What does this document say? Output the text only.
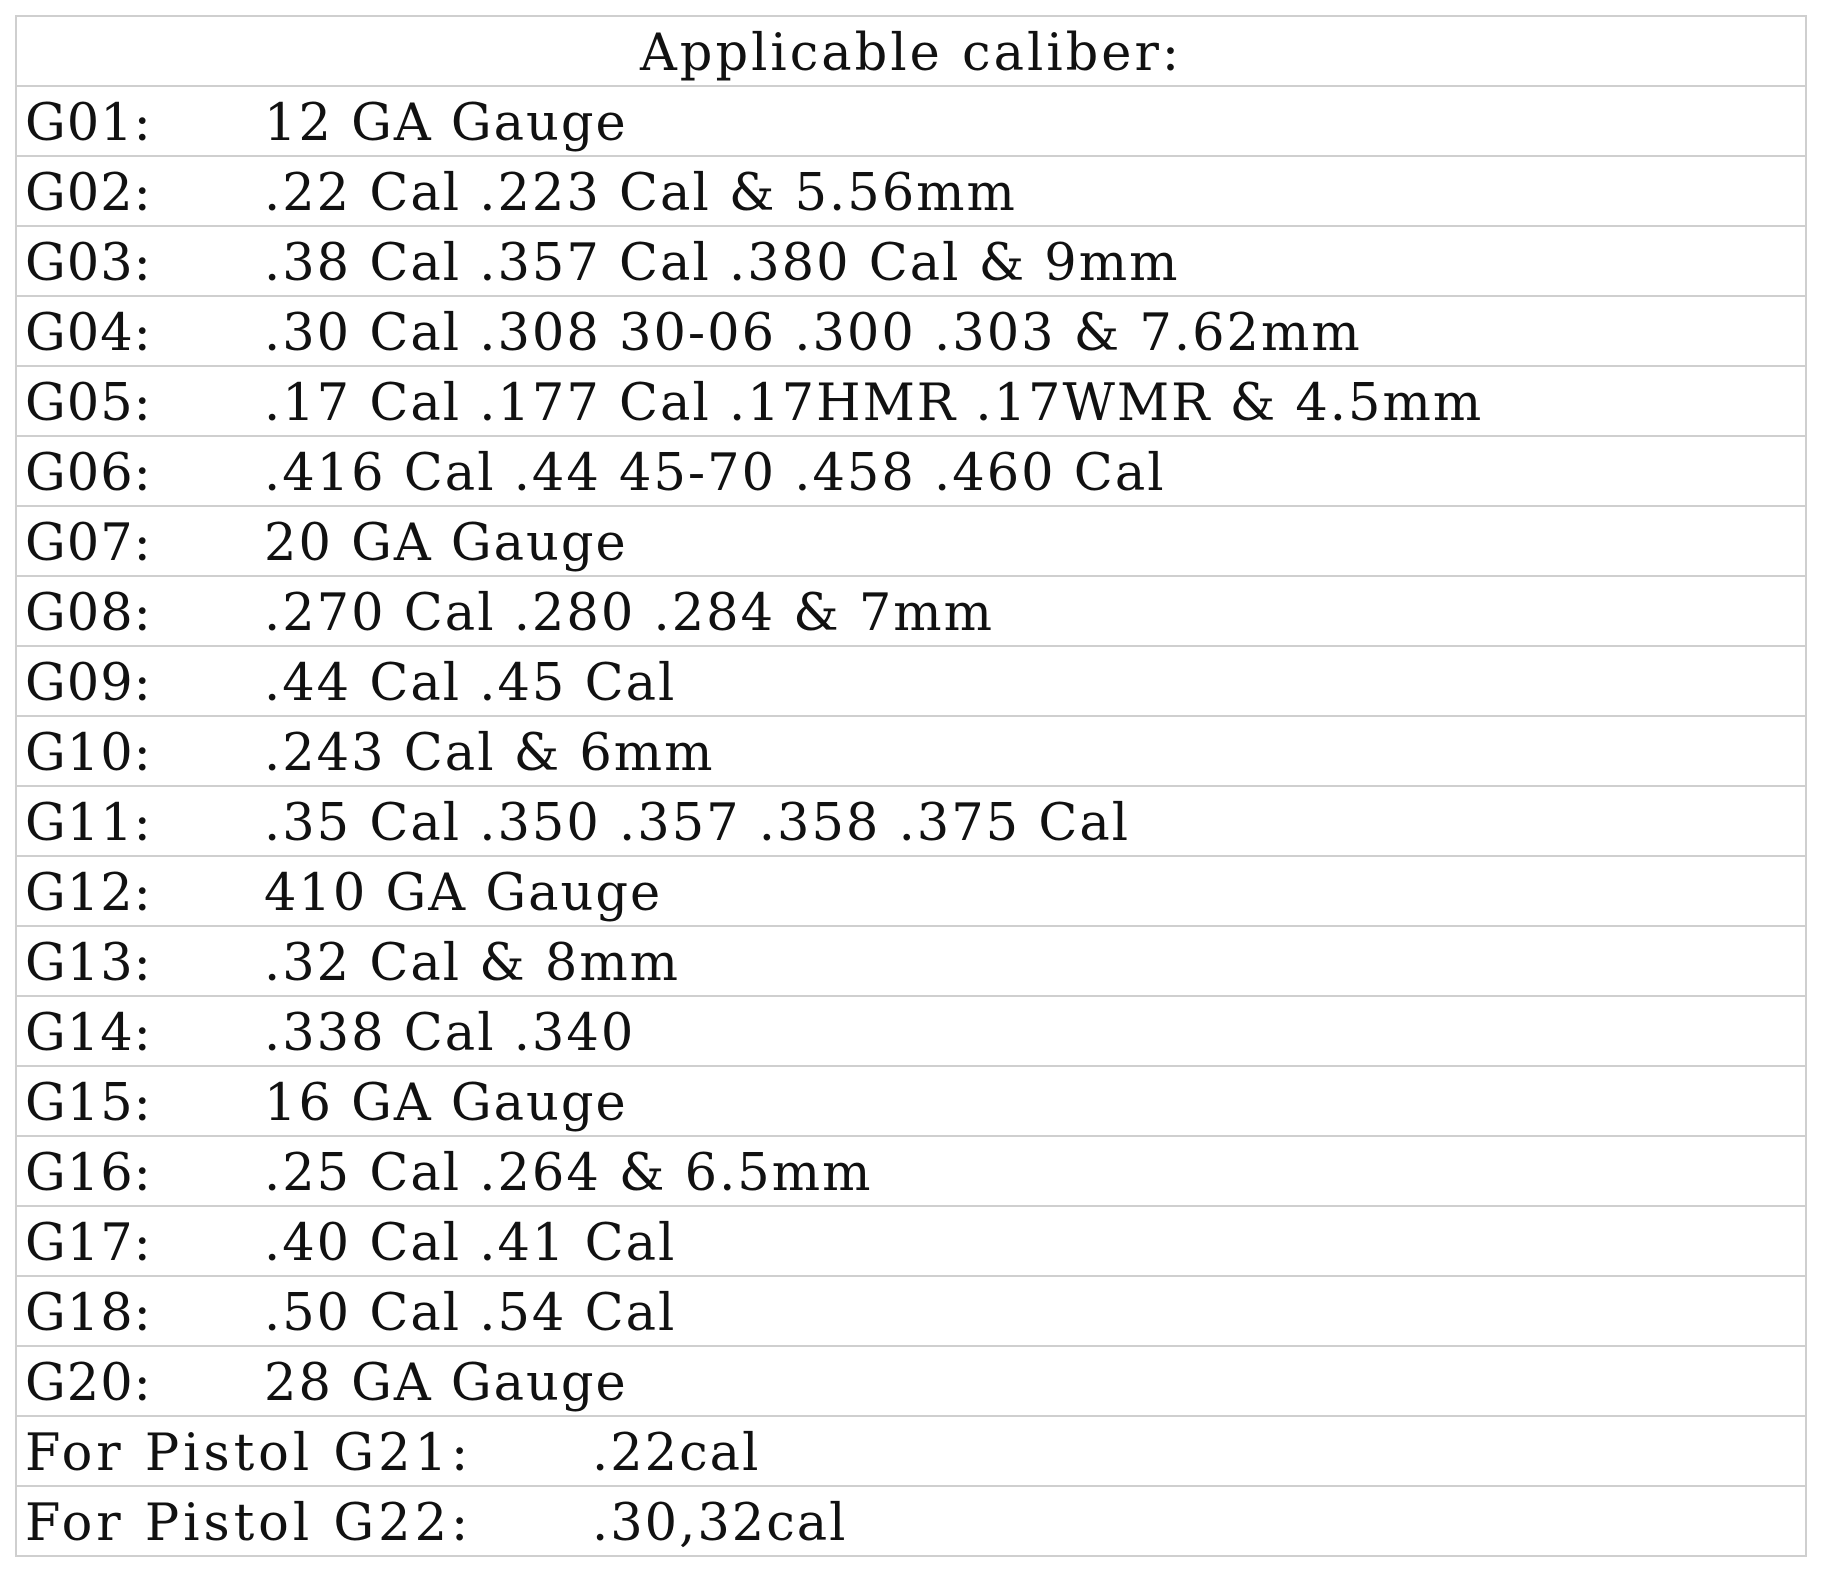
Applicable caliber:

G01:

12 GA Gauge

G02:

.22 Cal .223 Cal & 5.56mm

G03:

.38 Cal .357 Cal .380 Cal & 9mm

G04:

.30 Cal .308 30-06 .300 .303 & 7.62mm

G05:

.17 Cal .177 Cal .17HMR .17WMR & 4.5mm

G06:

.416 Cal .44 45-70 .458 .460 Cal

G07:

20 GA Gauge

G08:

.270 Cal .280 .284 & 7mm

G09:

.44 Cal .45 Cal

G10:

.243 Cal & 6mm

G11:

.35 Cal .350 .357 .358 .375 Cal

G12:

410 GA Gauge

G13:

.32 Cal & 8mm

G14:

.338 Cal .340

G15:

16 GA Gauge

G16:

.25 Cal .264 & 6.5mm

G17:

.40 Cal .41 Cal

G18:

.50 Cal .54 Cal

G20:

28 GA Gauge

For Pistol G21:

.22cal

For Pistol G22:

.30,32cal
